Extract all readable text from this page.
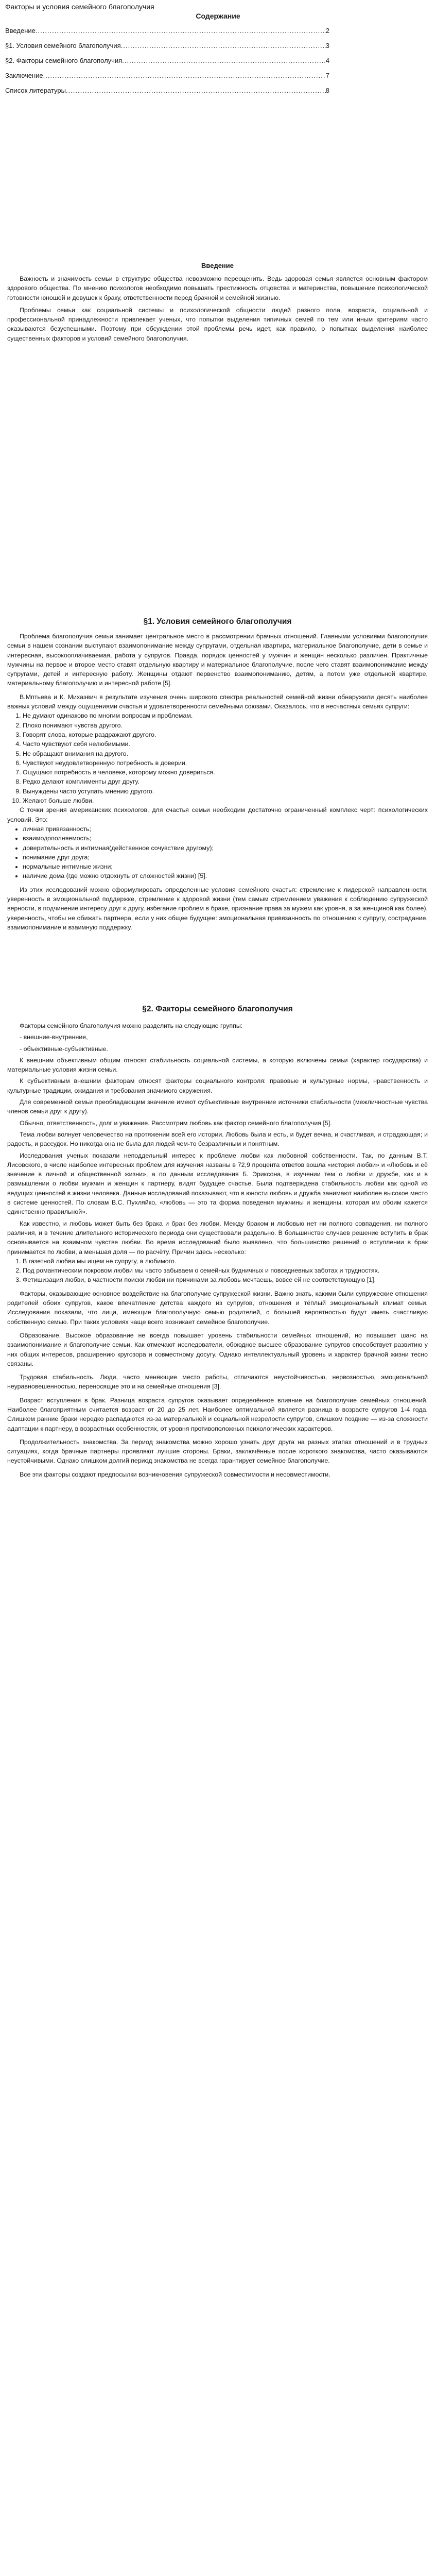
Факторы и условия семейного благополучия
Содержание
Введение .....	2
§1. Условия семейного благополучия .....	3
§2. Факторы семейного благополучия .....	4
Заключение .....	7
Список литературы .....	8
Введение

Важность и значимость семьи в структуре общества невозможно переоценить. Ведь здоровая семья является основным фактором здорового общества. По мнению психологов необходимо повышать престижность отцовства и материнства, повышение психологической готовности юношей и девушек к браку, ответственности перед брачной и семейной жизнью.

Проблемы семьи как социальной системы и психологической общности людей разного пола, возраста, социальной и профессиональной принадлежности привлекает ученых, что попытки выделения типичных семей по тем или иным критериям часто оказываются безуспешными. Поэтому при обсуждении этой проблемы речь идет, как правило, о попытках выделения наиболее существенных факторов и условий семейного благополучия.

§1. Условия семейного благополучия

Проблема благополучия семьи занимает центральное место в рассмотрении брачных отношений. Главными условиями благополучия семьи в нашем сознании выступают взаимопонимание между супругами, отдельная квартира, материальное благополучие, дети в семье и интересная, высокооплачиваемая, работа у супругов. Правда, порядок ценностей у мужчин и женщин несколько различен. Практичные мужчины на первое и второе место ставят отдельную квартиру и материальное благополучие, после чего ставят взаимопонимание между супругами, детей и интересную работу. Женщины отдают первенство взаимопониманию, детям, а потом уже отдельной квартире, материальному благополучию и интересной работе [5].

В.Мптьева и К. Михаэвич в результате изучения очень широкого спектра реальностей семейной жизни обнаружили десять наиболее важных условий между ощущениями счастья и удовлетворенности семейными союзами. Оказалось, что в несчастных семьях супруги:

1. Не думают одинаково по многим вопросам и проблемам.
2. Плохо понимают чувства другого.
3. Говорят слова, которые раздражают другого.
4. Часто чувствуют себя нелюбимыми.
5. Не обращают внимания на другого.
6. Чувствуют неудовлетворенную потребность в доверии.
7. Ощущают потребность в человеке, которому можно довериться.
8. Редко делают комплименты друг другу.
9. Вынуждены часто уступать мнению другого.
10. Желают больше любви.

С точки зрения американских психологов, для счастья семьи необходим достаточно ограниченный комплекс черт: психологических условий. Это:

• личная привязанность;
• взаимодополняемость;
• доверительность и интимная(действенное сочувствие другому);
• понимание друг друга;
• нормальные интимные жизни;
• наличие дома (где можно отдохнуть от сложностей жизни) [5].

Из этих исследований можно сформулировать определенные условия семейного счастья: стремление к лидерской направленности, уверенность в эмоциональной поддержке, стремление к здоровой жизни (тем самым стремлением уважения к соблюдению супружеской верности, в подчинение интересу друг к другу, избегание проблем в браке, признание права за мужем как уровня, а за женщиной как более), уверенность, чтобы не обижать партнера, если у них общее будущее: эмоциональная привязанность по отношению к супругу, сострадание, взаимопонимание и взаимную поддержку.

§2. Факторы семейного благополучия

Факторы семейного благополучия можно разделить на следующие группы:

- внешние-внутренние,

- объективные-субъективные.

К внешним объективным общим относят стабильность социальной системы, а которую включены семьи (характер государства) и материальные условия жизни семьи.

К субъективным внешним факторам относят факторы социального контроля: правовые и культурные нормы, нравственность и культурные традиции, ожидания и требования значимого окружения.

Для современной семьи преобладающим значение имеют субъективные внутренние источники стабильности (межличностные чувства членов семьи друг к другу).

Обычно, ответственность, долг и уважение. Рассмотрим любовь как фактор семейного благополучия [5].

Тема любви волнует человечество на протяжении всей его истории. Любовь была и есть, и будет вечна, и счастливая, и страдающая; и радость, и рассудок. Но никогда она не была для людей чем-то безразличным и понятным.

Исследования ученых показали неподдельный интерес к проблеме любви как любовной собственности. Так, по данным В.Т. Лисовского, в числе наиболее интересных проблем для изучения названы в 72,9 процента ответов вошла «история любви» и «Любовь и её значение в личной и общественной жизни», а по данным исследования Б. Эриксона, в изучении тем о любви и дружбе, как и в размышлении о любви мужчин и женщин к партнеру, видят будущее счастье. Была подтверждена стабильность любви как одной из ведущих ценностей в жизни человека. Данные исследований показывают, что в юности любовь и дружба занимают наиболее высокое место в системе ценностей. По словам В.С. Пухляйко, «любовь — это та форма поведения мужчины и женщины, которая им обоим кажется единственно правильной».

Как известно, и любовь может быть без брака и брак без любви. Между браком и любовью нет ни полного совпадения, ни полного различия, и в течение длительного исторического периода они существовали раздельно. В большинстве случаев решение вступить в брак основывается на взаимном чувстве любви. Во время исследований было выявлено, что большинство решений о вступлении в брак принимается по любви, а меньшая доля — по расчёту. Причин здесь несколько:

1. В газетной любви мы ищем не супругу, а любимого.
2. Под романтическим покровом любви мы часто забываем о семейных будничных и повседневных заботах и трудностях.
3. Фетишизация любви, в частности поиски любви ни причинами за любовь мечтаешь, вовсе ей не соответствующую [1].

Факторы, оказывающие основное воздействие на благополучие супружеской жизни. Важно знать, какими были супружеские отношения родителей обоих супругов, какое впечатление детства каждого из супругов, отношения и тёплый эмоциональный климат семьи. Исследования показали, что лица, имеющие благополучную семью родителей, с большей вероятностью будут иметь счастливую собственную семью. При таких условиях чаще всего возникает семейное благополучие.

Образование. Высокое образование не всегда повышает уровень стабильности семейных отношений, но повышает шанс на взаимопонимание и благополучие семьи. Как отмечают исследователи, обоюдное высшее образование супругов способствует развитию у них общих интересов, расширению кругозора и совместному досугу. Однако интеллектуальный уровень и характер брачной жизни тесно связаны.

Трудовая стабильность. Люди, часто меняющие место работы, отличаются неустойчивостью, нервозностью, эмоциональной неуравновешенностью, переносящие это и на семейные отношения [3].

Возраст вступления в брак. Разница возраста супругов оказывает определённое влияние на благополучие семейных отношений. Наиболее благоприятным считается возраст от 20 до 25 лет. Наиболее оптимальной является разница в возрасте супругов 1-4 года. Слишком ранние браки нередко распадаются из-за материальной и социальной незрелости супругов, слишком поздние — из-за сложности адаптации к партнеру, в возрастных особенностях, от уровня противоположных психологических характеров.

Продолжительность знакомства. За период знакомства можно хорошо узнать друг друга на разных этапах отношений и в трудных ситуациях, когда брачные партнеры проявляют лучшие стороны. Браки, заключённые после короткого знакомства, часто оказываются неустойчивыми. Однако слишком долгий период знакомства не всегда гарантирует семейное благополучие.

Все эти факторы создают предпосылки возникновения супружеской совместимости и несовместимости.
